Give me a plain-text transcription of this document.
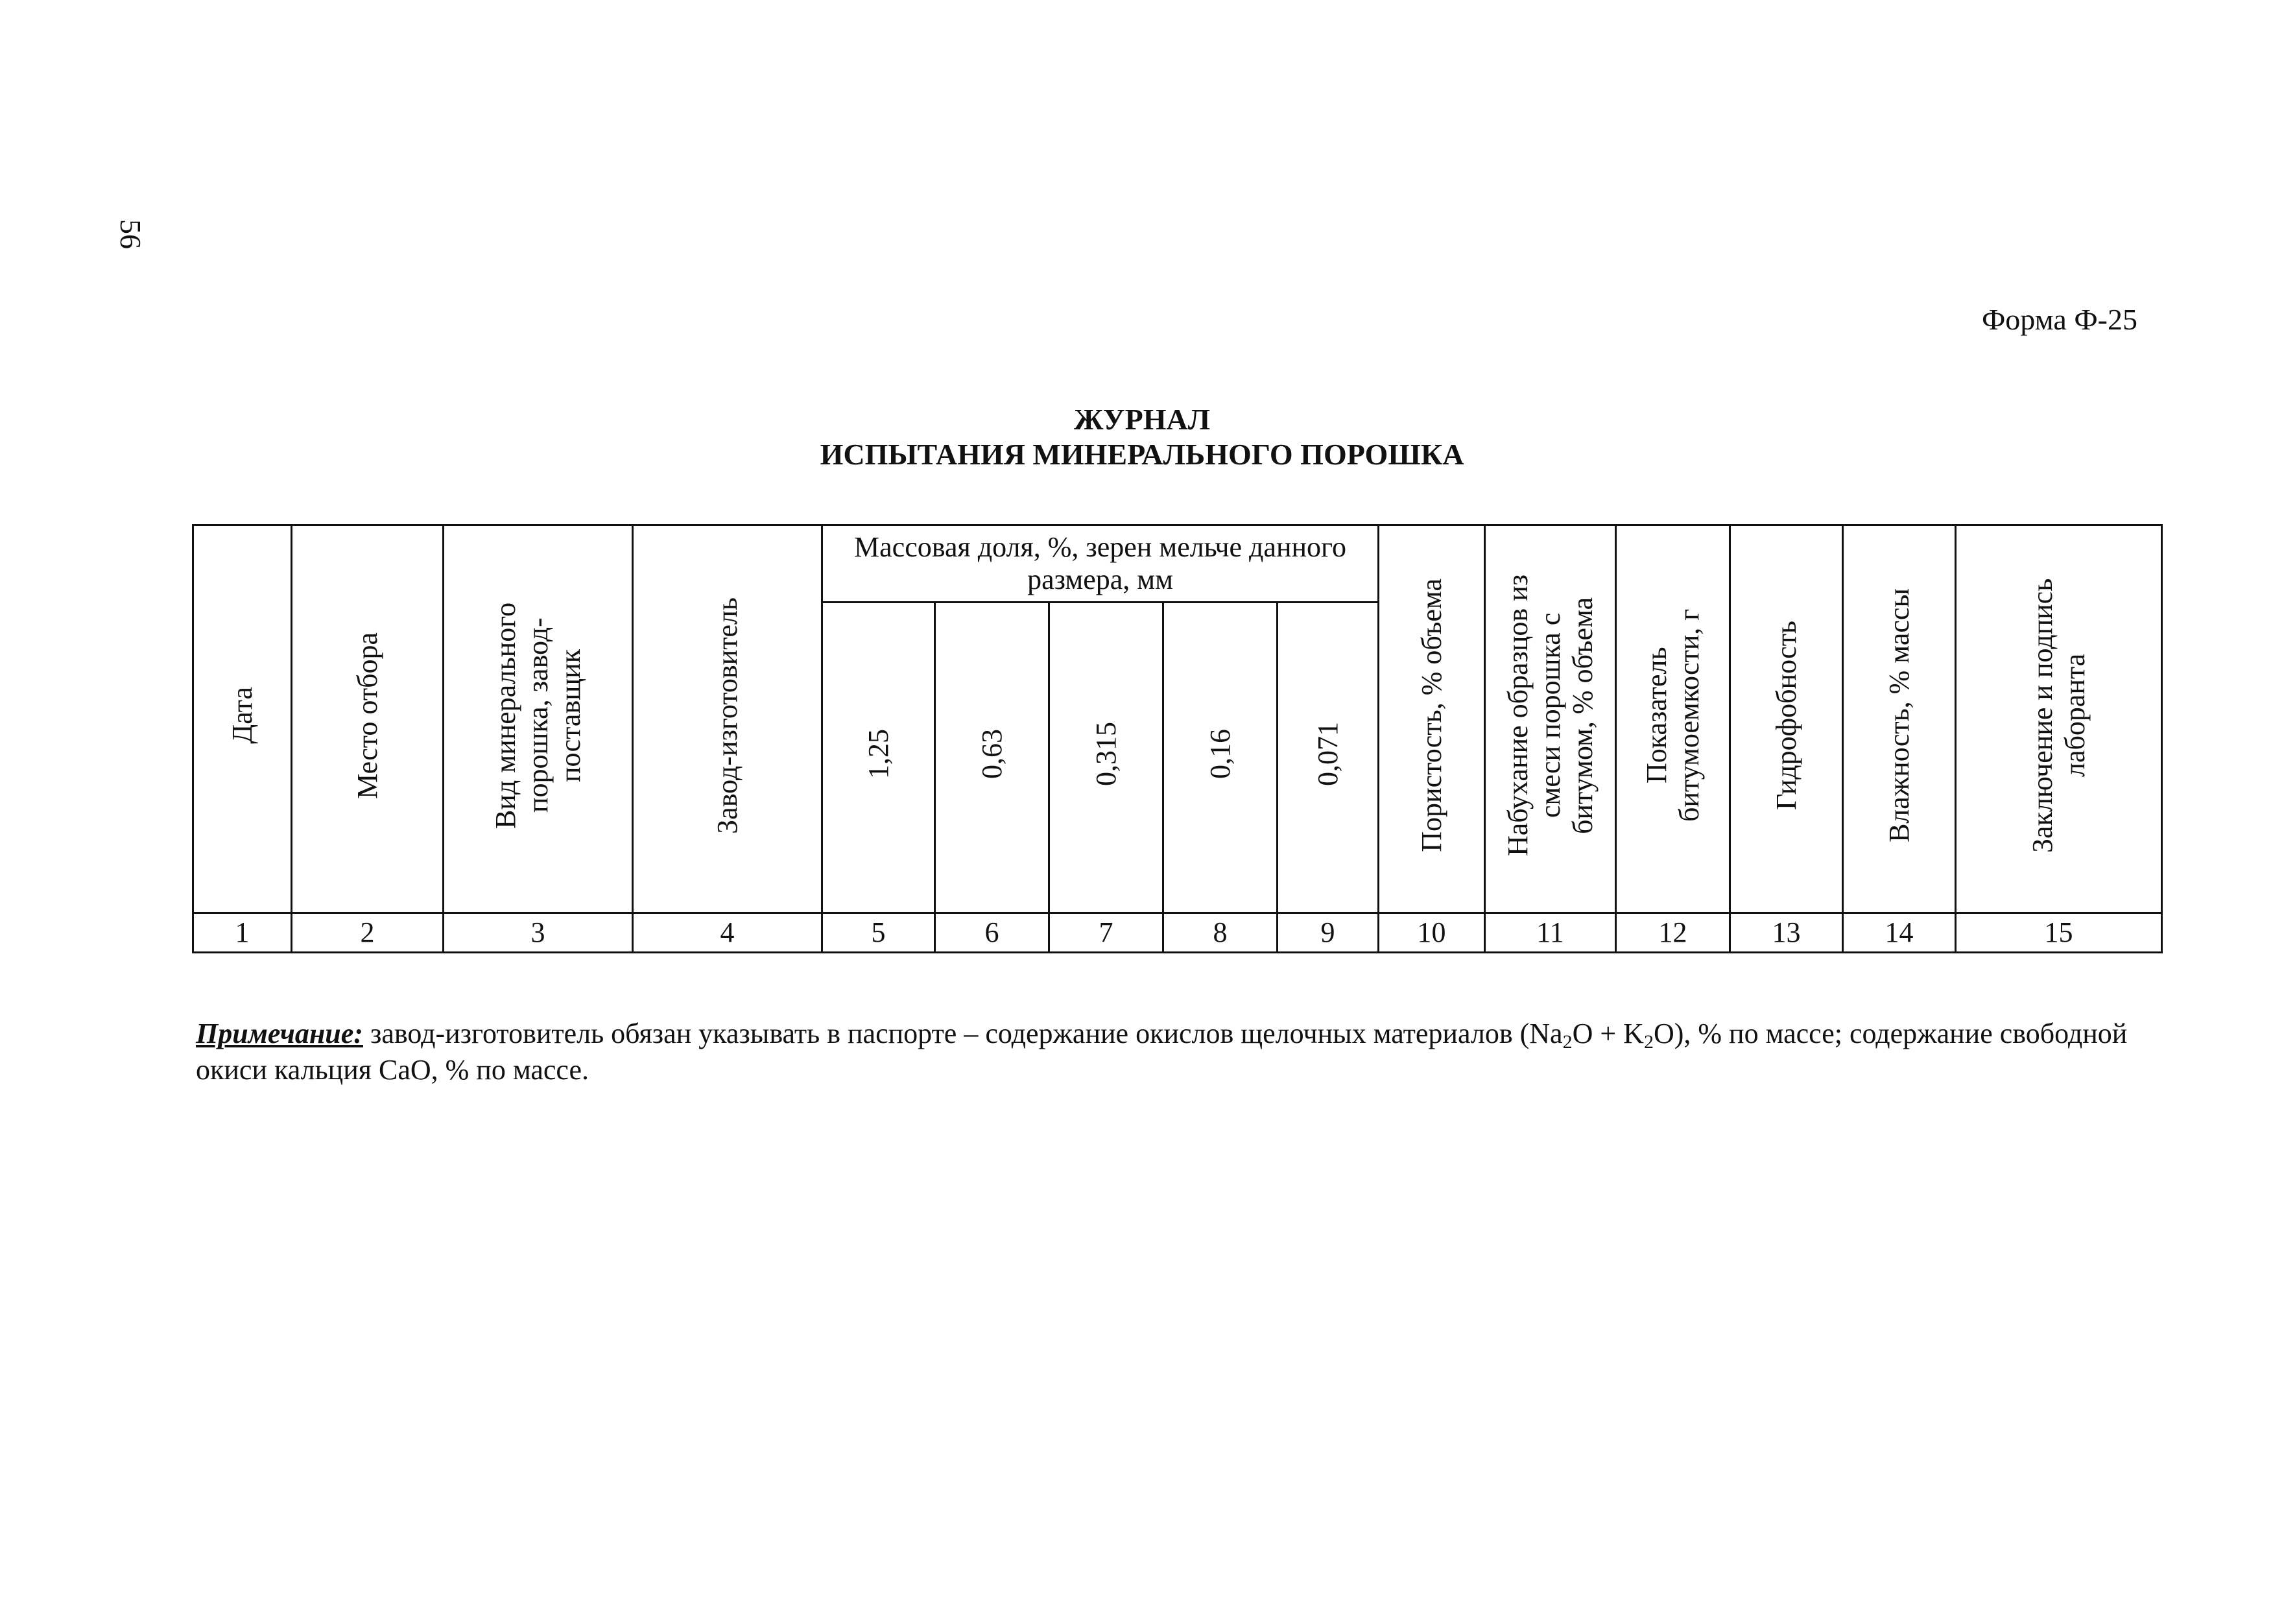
56
Форма Ф-25
ЖУРНАЛ
ИСПЫТАНИЯ МИНЕРАЛЬНОГО ПОРОШКА
Дата	Место отбора	Вид минерального порошка, завод-поставщик	Завод-изготовитель	Массовая доля, %, зерен мельче данного размера, мм					Пористость, % объема	Набухание образцов из смеси порошка с битумом, % объема	Показатель битумоемкости, г	Гидрофобность	Влажность, % массы	Заключение и подпись лаборанта
				1,25	0,63	0,315	0,16	0,071						
1	2	3	4	5	6	7	8	9	10	11	12	13	14	15
Примечание: завод-изготовитель обязан указывать в паспорте – содержание окислов щелочных материалов $(Na_2O + K_2O)$, % по массе; содержание свободной окиси кальция CaO, % по массе.
